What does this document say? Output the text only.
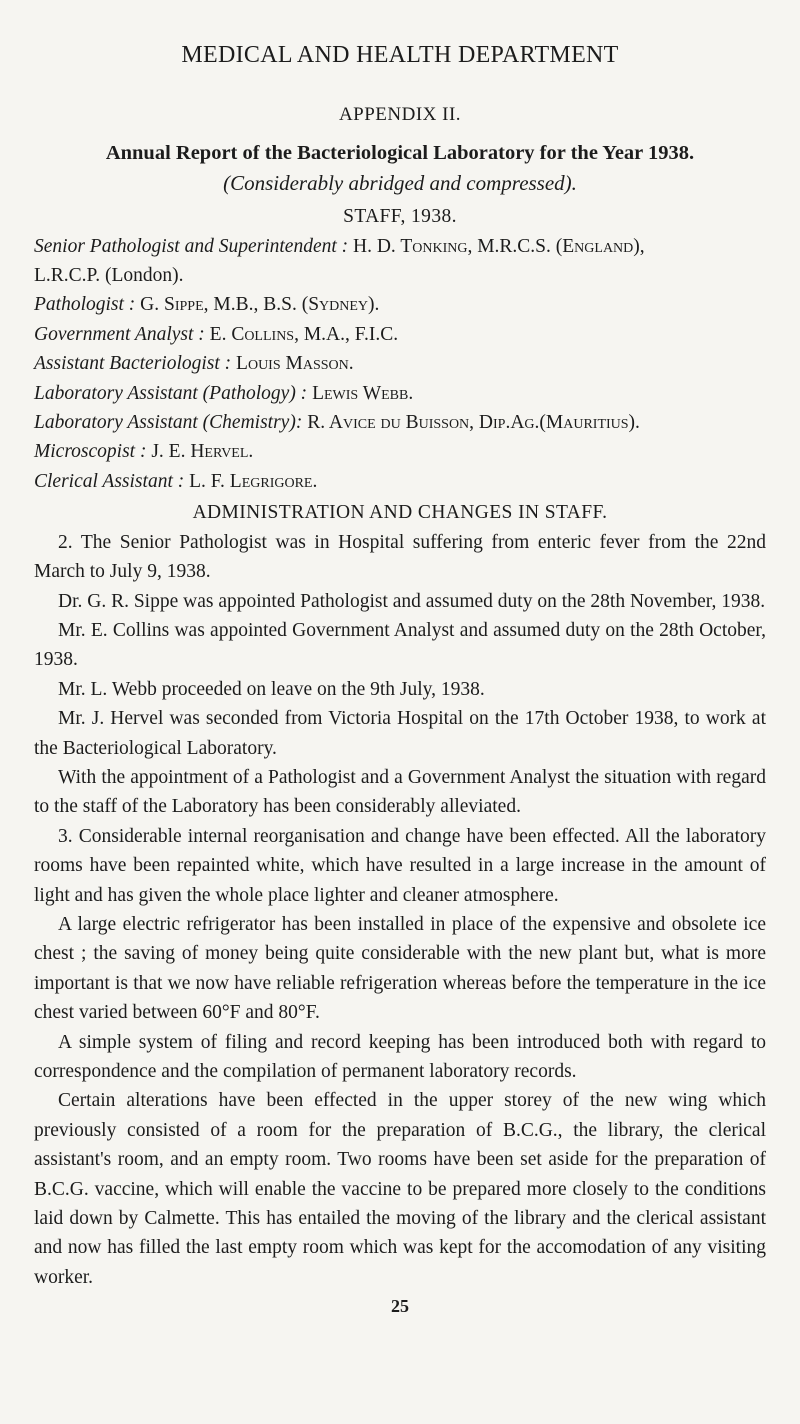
MEDICAL AND HEALTH DEPARTMENT
APPENDIX II.
Annual Report of the Bacteriological Laboratory for the Year 1938.
(Considerably abridged and compressed).
STAFF, 1938.
Senior Pathologist and Superintendent : H. D. Tonking, M.R.C.S. (England),
L.R.C.P. (London).
Pathologist : G. Sippe, M.B., B.S. (Sydney).
Government Analyst : E. Collins, M.A., F.I.C.
Assistant Bacteriologist : Louis Masson.
Laboratory Assistant (Pathology) : Lewis Webb.
Laboratory Assistant (Chemistry): R. Avice du Buisson, Dip.Ag.(Mauritius).
Microscopist : J. E. Hervel.
Clerical Assistant : L. F. Legrigore.
ADMINISTRATION AND CHANGES IN STAFF.

2. The Senior Pathologist was in Hospital suffering from enteric fever from the 22nd March to July 9, 1938.

Dr. G. R. Sippe was appointed Pathologist and assumed duty on the 28th November, 1938.

Mr. E. Collins was appointed Government Analyst and assumed duty on the 28th October, 1938.

Mr. L. Webb proceeded on leave on the 9th July, 1938.

Mr. J. Hervel was seconded from Victoria Hospital on the 17th October 1938, to work at the Bacteriological Laboratory.

With the appointment of a Pathologist and a Government Analyst the situation with regard to the staff of the Laboratory has been considerably alleviated.

3. Considerable internal reorganisation and change have been effected. All the laboratory rooms have been repainted white, which have resulted in a large increase in the amount of light and has given the whole place lighter and cleaner atmosphere.

A large electric refrigerator has been installed in place of the expensive and obsolete ice chest ; the saving of money being quite considerable with the new plant but, what is more important is that we now have reliable refrigeration whereas before the temperature in the ice chest varied between 60°F and 80°F.

A simple system of filing and record keeping has been introduced both with regard to correspondence and the compilation of permanent laboratory records.

Certain alterations have been effected in the upper storey of the new wing which previously consisted of a room for the preparation of B.C.G., the library, the clerical assistant's room, and an empty room. Two rooms have been set aside for the preparation of B.C.G. vaccine, which will enable the vaccine to be prepared more closely to the conditions laid down by Calmette. This has entailed the moving of the library and the clerical assistant and now has filled the last empty room which was kept for the accomodation of any visiting worker.

25
